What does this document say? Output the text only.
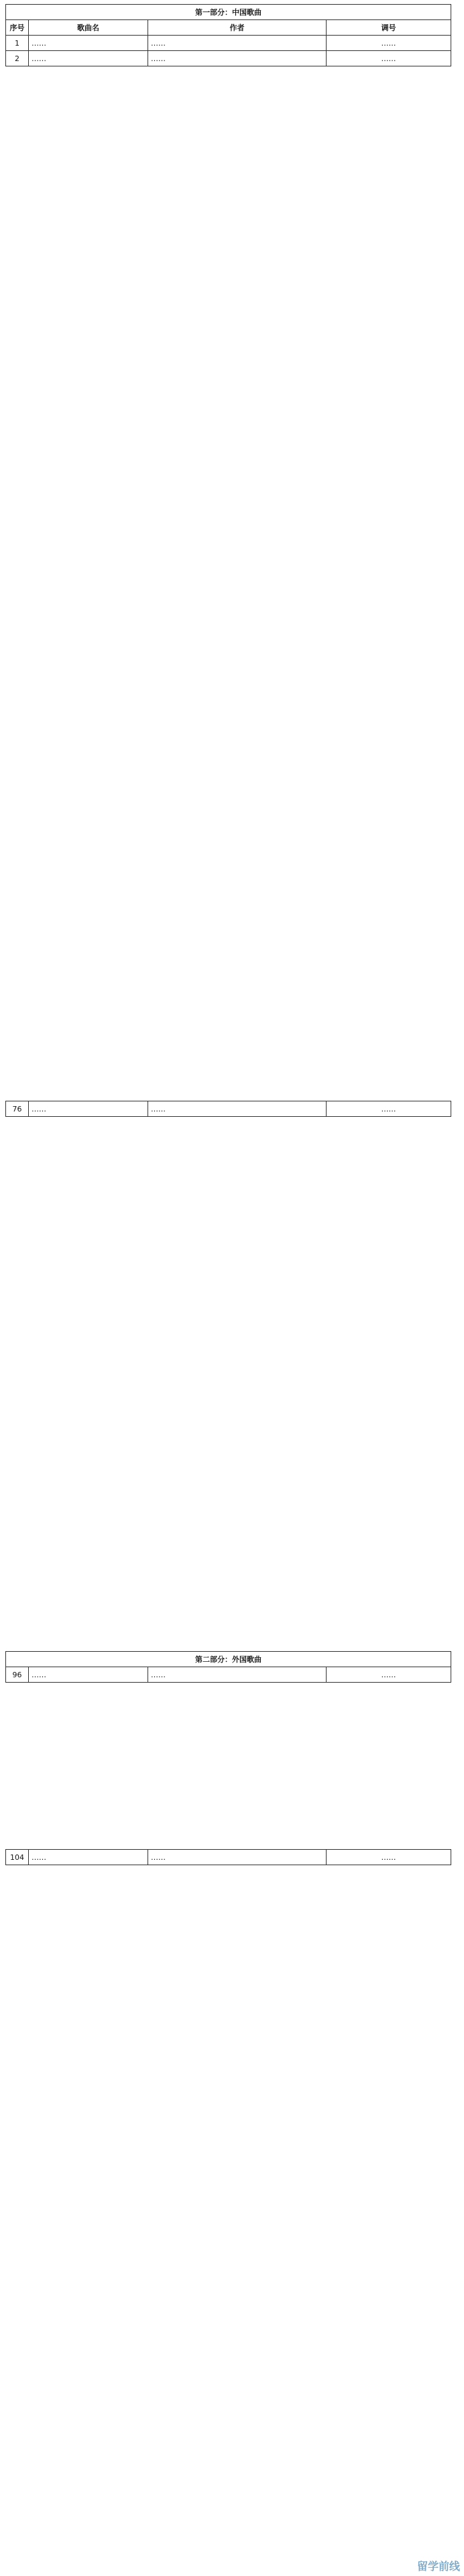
第一部分：中国歌曲			
序号	歌曲名	作者	调号
1	……	……	……
2	……	……	……
76	……	……	……
第二部分：外国歌曲
96	……	……	……
104	……	……	……
留学前线
